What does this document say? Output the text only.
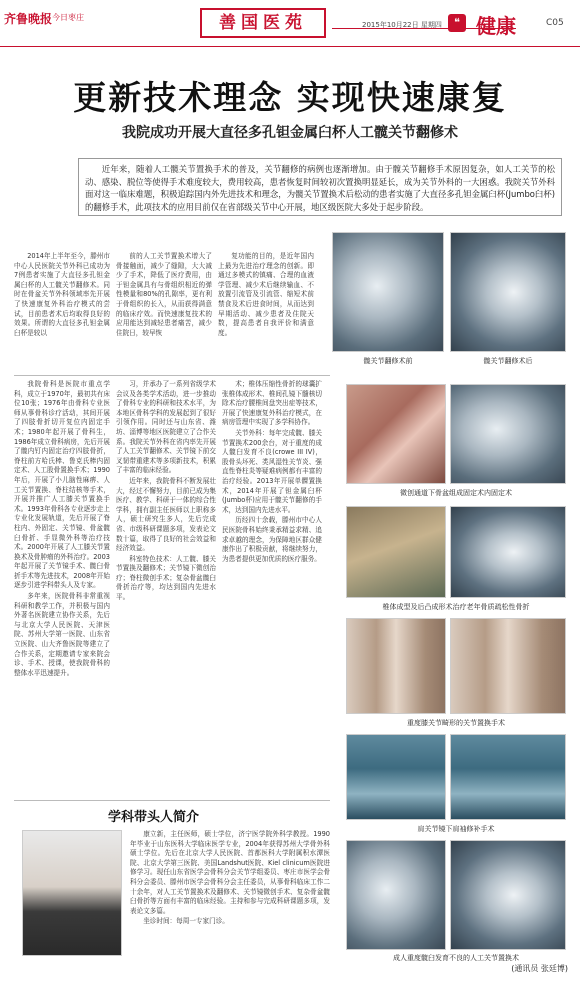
齐鲁晚报 今日枣庄	善国医苑	2015年10月22日 星期四	❝ 健康	C05
更新技术理念 实现快速康复
我院成功开展大直径多孔钽金属臼杯人工髋关节翻修术
近年来，随着人工髋关节置换手术的普及，关节翻修的病例也逐渐增加。由于髋关节翻修手术原因复杂，如人工关节的松动、感染、脱位等使得手术难度较大，费用较高，患者恢复时间较初次置换明显延长，成为关节外科的一大困惑。我院关节外科面对这一临床难题，积极追踪国内外先进技术和理念，为髋关节置换术后松动的患者实施了大直径多孔钽金属臼杯(Jumbo臼杯)的翻修手术，此项技术的应用目前仅在省部级关节中心开展，地区级医院大多处于起步阶段。
2014年上半年至今，滕州市中心人民医院关节外科已成功为7例患者实施了大直径多孔钽金属臼杯的人工髋关节翻修术。同时在骨盆关节外科领域率先开展了快速康复外科治疗模式的尝试，目前患者术后均取得良好的效果。所谓的大直径多孔钽金属臼杯是较以
前的人工关节置换术增大了骨接触面，减少了缝隙，大大减少了手术，降低了医疗费用，由于钽金属具有与骨组织相近的弹性模量和80%的孔隙率，更有利于骨组织的长入，从而获得满意的临床疗效。而快速康复技术的应用能达到减轻患者痛苦，减少住院日，较早恢
复功能的目的，是近年国内上最为先进治疗理念的创新。即通过多模式的镇痛、合理的血液学管理、减少术后继续输血、不放置引流管及引流管、缩短术前禁食及术后进食时间，从而达到早期活动、减少患者及住院天数，提高患者自我评价和满意度。

我院骨科是医院市重点学科，成立于1970年，最初共有床位10张；1976年由骨科专业医师从事骨科诊疗活动，其间开展了四肢骨折切开复位内固定手术；1980年起开展了骨科生，1986年成立骨科病房，先后开展了髋内钉内固定治疗四肢骨折，脊柱前方哈氏棒、鲁克氏棒内固定术、人工股骨置换手术；1990年后，开展了小儿脑性麻痹、人工关节置换、脊柱结核等手术，开展并推广人工膝关节置换手术。1993年骨科各专业逐步走上专业化发展轨道，先后开展了脊柱内、外固定、关节镜、骨盆髋臼骨折、手显微外科等治疗技术。2000年开展了人工膝关节置换术及骨肿瘤的外科治疗。2003年起开展了关节镜手术、髋臼骨折手术等先进技术，2008年开始逐步引进学科带头人及专家。

多年来，医院骨科非常重视科研和教学工作，并积极与国内外著名医院建立协作关系，先后与北京大学人民医院、天津医院、苏州大学第一医院、山东省立医院、山大齐鲁医院等建立了合作关系，定期邀请专家来院会诊、手术、授课，使我院骨科的整体水平迅速提升。

习，并承办了一系列省级学术会议及各类学术活动，进一步推动了骨科专业的科研和技术水平，为本地区骨科学科的发展起到了很好引领作用。同时还与山东省、潍坊、淄博等地区医院建立了合作关系。我院关节外科在省内率先开展了人工关节翻修术、关节镜下前交叉韧带重建术等多项新技术，积累了丰富的临床经验。

近年来，我院骨科不断发展壮大，经过不懈努力，目前已成为集医疗、教学、科研于一体的综合性学科，拥有副主任医师以上职称多人，硕士研究生多人，先后完成省、市级科研课题多项，发表论文数十篇，取得了良好的社会效益和经济效益。

科室特色技术：人工髋、膝关节置换及翻修术；关节镜下微创治疗；脊柱微创手术；复杂骨盆髋臼骨折治疗等，均达到国内先进水平。

术；椎体压缩性骨折的球囊扩张椎体成形术、椎间孔镜下髓核切除术治疗腰椎间盘突出症等技术，开展了快速康复外科治疗模式，在病房管理中实现了多学科协作。

关节外科：每年完成髋、膝关节置换术200余台，对于重度的成人髋臼发育不良(crowe III IV)，股骨头坏死、类风湿性关节炎、强直性脊柱炎等疑难病例都有丰富的治疗经验。2013年开展单髁置换术，2014年开展了钽金属臼杯(Jumbo杯)应用于髋关节翻修的手术，达到国内先进水平。

历经四十余载，滕州市中心人民医院骨科始终秉承精益求精、追求卓越的理念，为保障地区群众健康作出了积极贡献，将继续努力，为患者提供更加优质的医疗服务。

髋关节翻修术前	髋关节翻修术后
微创通道下骨盆组成固定术内固定术
椎体成型及后凸成形术治疗老年骨质疏松性骨折
重度膝关节畸形的关节置换手术
肩关节镜下肩袖修补手术
成人重度髋臼发育不良的人工关节置换术
学科带头人简介

康立新，主任医师，硕士学位，济宁医学院外科学教授。1990年毕业于山东医科大学临床医学专业，2004年获得苏州大学骨外科硕士学位。先后在北京大学人民医院、首都医科大学附属积水潭医院、北京大学第三医院、美国Landshut医院、Kiel clinicum医院进修学习。现任山东省医学会骨科分会关节学组委员、枣庄市医学会骨科分会委员、滕州市医学会骨科分会主任委员，从事骨科临床工作二十余年，对人工关节置换术及翻修术、关节镜微创手术、复杂骨盆髋臼骨折等方面有丰富的临床经验。主持和参与完成科研课题多项，发表论文多篇。

坐诊时间：每周一专家门诊。

(通讯员 张廷博)
